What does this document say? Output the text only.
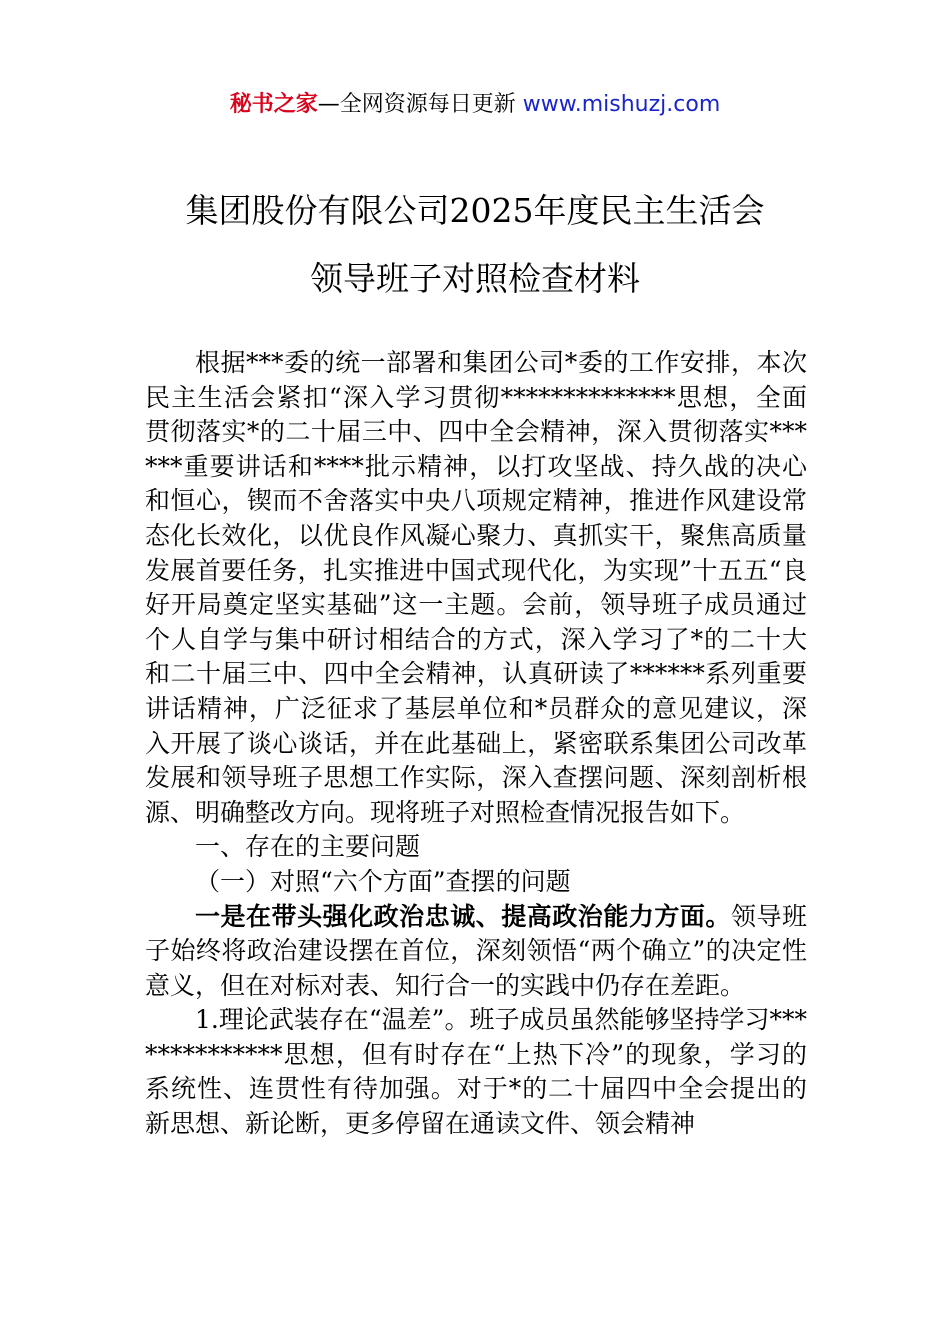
秘书之家—全网资源每日更新 www.mishuzj.com
集团股份有限公司2025年度民主生活会
领导班子对照检查材料

根据***委的统一部署和集团公司*委的工作安排，本次民主生活会紧扣“深入学习贯彻**************思想，全面贯彻落实*的二十届三中、四中全会精神，深入贯彻落实******重要讲话和****批示精神，以打攻坚战、持久战的决心和恒心，锲而不舍落实中央八项规定精神，推进作风建设常态化长效化，以优良作风凝心聚力、真抓实干，聚焦高质量发展首要任务，扎实推进中国式现代化，为实现”十五五“良好开局奠定坚实基础”这一主题。会前，领导班子成员通过个人自学与集中研讨相结合的方式，深入学习了*的二十大和二十届三中、四中全会精神，认真研读了******系列重要讲话精神，广泛征求了基层单位和*员群众的意见建议，深入开展了谈心谈话，并在此基础上，紧密联系集团公司改革发展和领导班子思想工作实际，深入查摆问题、深刻剖析根源、明确整改方向。现将班子对照检查情况报告如下。

一、存在的主要问题

（一）对照“六个方面”查摆的问题

一是在带头强化政治忠诚、提高政治能力方面。领导班子始终将政治建设摆在首位，深刻领悟“两个确立”的决定性意义，但在对标对表、知行合一的实践中仍存在差距。

1.理论武装存在“温差”。班子成员虽然能够坚持学习**************思想，但有时存在“上热下冷”的现象，学习的系统性、连贯性有待加强。对于*的二十届四中全会提出的新思想、新论断，更多停留在通读文件、领会精神
